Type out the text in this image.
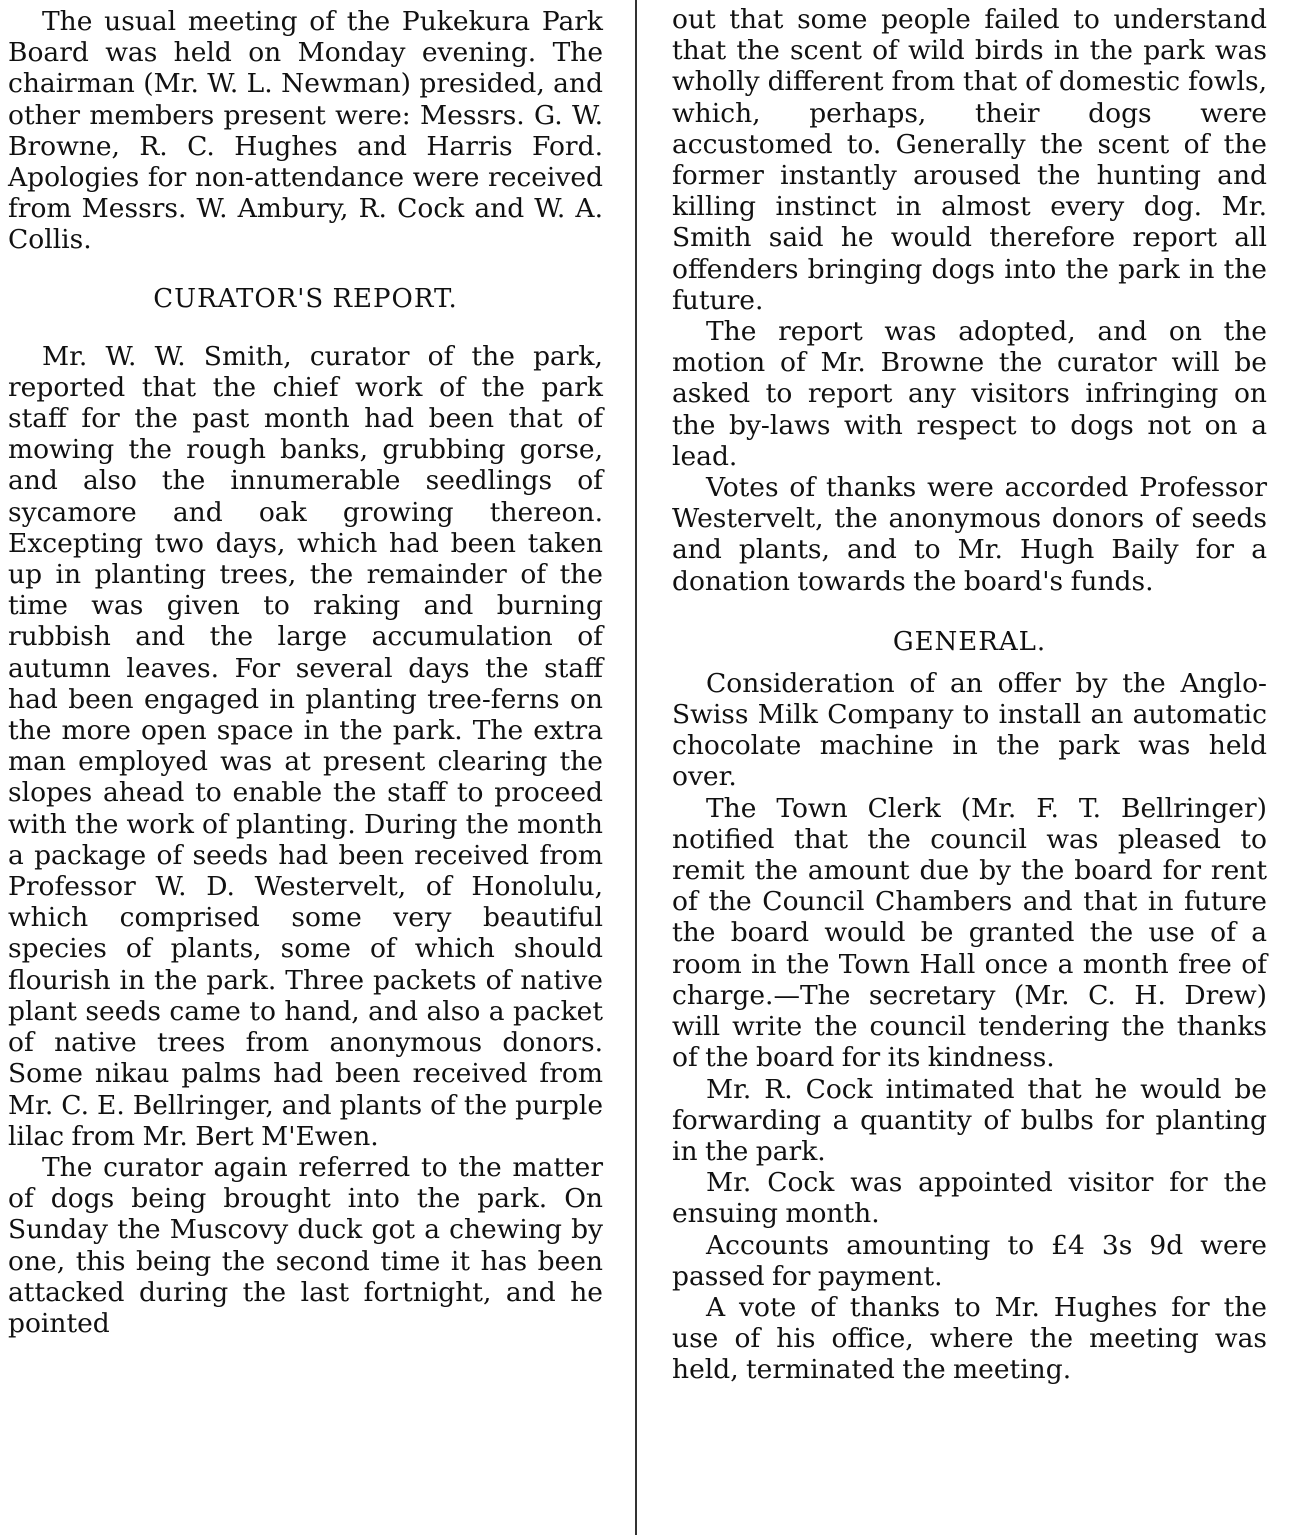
The usual meeting of the Pukekura Park Board was held on Monday evening. The chairman (Mr. W. L. Newman) presided, and other members present were: Messrs. G. W. Browne, R. C. Hughes and Harris Ford. Apologies for non-attendance were received from Messrs. W. Ambury, R. Cock and W. A. Collis.

CURATOR'S REPORT.

Mr. W. W. Smith, curator of the park, reported that the chief work of the park staff for the past month had been that of mowing the rough banks, grubbing gorse, and also the innumerable seedlings of sycamore and oak growing thereon. Excepting two days, which had been taken up in planting trees, the remainder of the time was given to raking and burning rubbish and the large accumulation of autumn leaves. For several days the staff had been engaged in planting tree-ferns on the more open space in the park. The extra man employed was at present clearing the slopes ahead to enable the staff to proceed with the work of planting. During the month a package of seeds had been received from Professor W. D. Westervelt, of Honolulu, which comprised some very beautiful species of plants, some of which should flourish in the park. Three packets of native plant seeds came to hand, and also a packet of native trees from anonymous donors. Some nikau palms had been received from Mr. C. E. Bellringer, and plants of the purple lilac from Mr. Bert M'Ewen.

The curator again referred to the matter of dogs being brought into the park. On Sunday the Muscovy duck got a chewing by one, this being the second time it has been attacked during the last fortnight, and he pointed

out that some people failed to understand that the scent of wild birds in the park was wholly different from that of domestic fowls, which, perhaps, their dogs were accustomed to. Generally the scent of the former instantly aroused the hunting and killing instinct in almost every dog. Mr. Smith said he would therefore report all offenders bringing dogs into the park in the future.

The report was adopted, and on the motion of Mr. Browne the curator will be asked to report any visitors infringing on the by-laws with respect to dogs not on a lead.

Votes of thanks were accorded Professor Westervelt, the anonymous donors of seeds and plants, and to Mr. Hugh Baily for a donation towards the board's funds.

GENERAL.

Consideration of an offer by the Anglo-Swiss Milk Company to install an automatic chocolate machine in the park was held over.

The Town Clerk (Mr. F. T. Bellringer) notified that the council was pleased to remit the amount due by the board for rent of the Council Chambers and that in future the board would be granted the use of a room in the Town Hall once a month free of charge.—The secretary (Mr. C. H. Drew) will write the council tendering the thanks of the board for its kindness.

Mr. R. Cock intimated that he would be forwarding a quantity of bulbs for planting in the park.

Mr. Cock was appointed visitor for the ensuing month.

Accounts amounting to £4 3s 9d were passed for payment.

A vote of thanks to Mr. Hughes for the use of his office, where the meeting was held, terminated the meeting.
